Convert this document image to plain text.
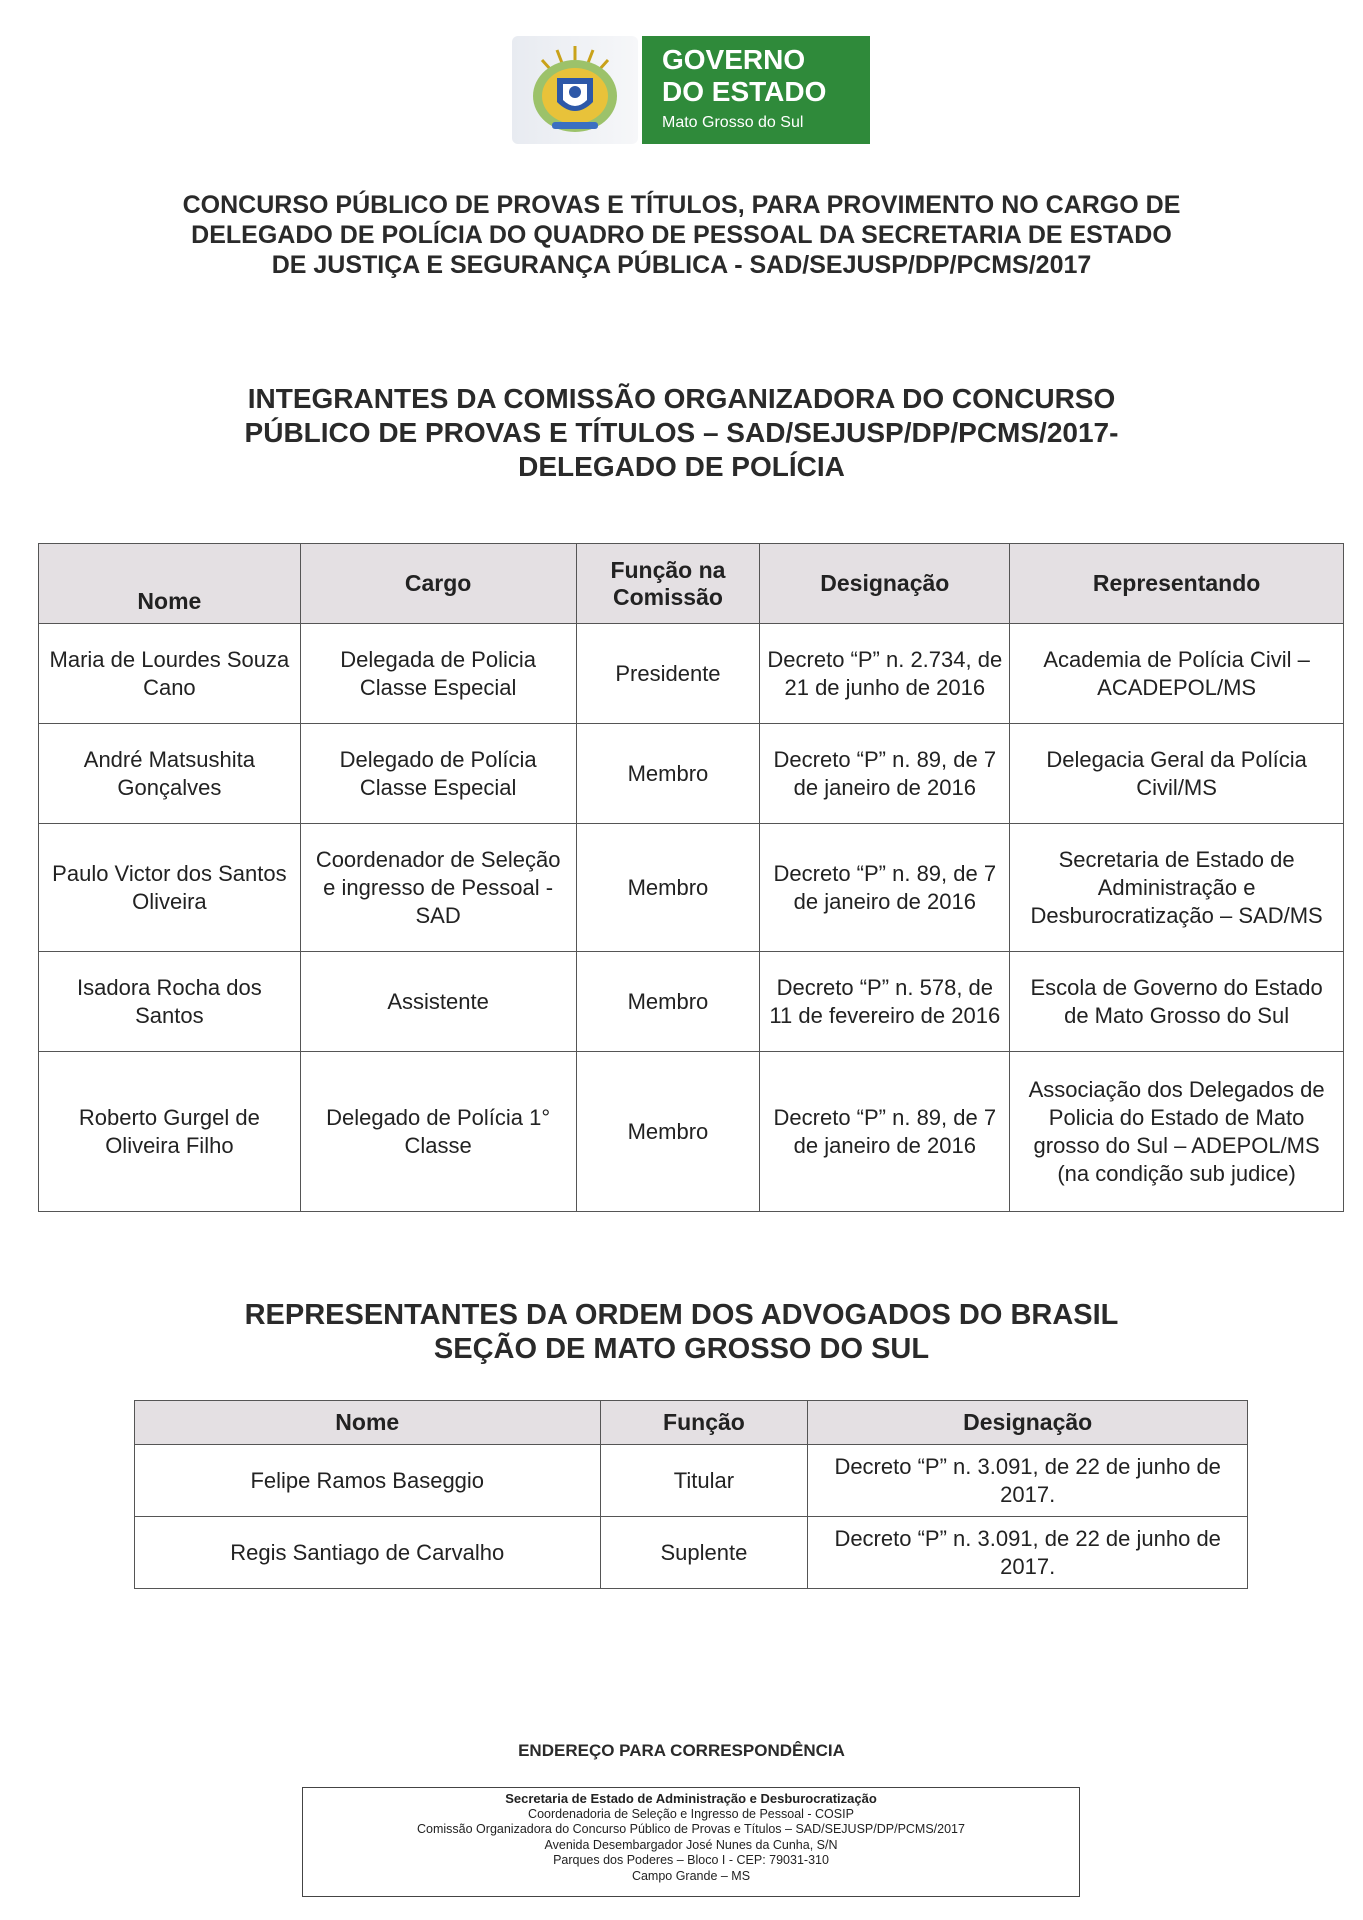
GOVERNO
DO ESTADO
Mato Grosso do Sul
CONCURSO PÚBLICO DE PROVAS E TÍTULOS, PARA PROVIMENTO NO CARGO DE
DELEGADO DE POLÍCIA DO QUADRO DE PESSOAL DA SECRETARIA DE ESTADO
DE JUSTIÇA E SEGURANÇA PÚBLICA - SAD/SEJUSP/DP/PCMS/2017
INTEGRANTES DA COMISSÃO ORGANIZADORA DO CONCURSO
PÚBLICO DE PROVAS E TÍTULOS – SAD/SEJUSP/DP/PCMS/2017-
DELEGADO DE POLÍCIA
Nome	Cargo	Função na Comissão	Designação	Representando
Maria de Lourdes Souza Cano	Delegada de Policia Classe Especial	Presidente	Decreto “P” n. 2.734, de 21 de junho de 2016	Academia de Polícia Civil – ACADEPOL/MS
André Matsushita Gonçalves	Delegado de Polícia Classe Especial	Membro	Decreto “P” n. 89, de 7 de janeiro de 2016	Delegacia Geral da Polícia Civil/MS
Paulo Victor dos Santos Oliveira	Coordenador de Seleção e ingresso de Pessoal - SAD	Membro	Decreto “P” n. 89, de 7 de janeiro de 2016	Secretaria de Estado de Administração e Desburocratização – SAD/MS
Isadora Rocha dos Santos	Assistente	Membro	Decreto “P” n. 578, de 11 de fevereiro de 2016	Escola de Governo do Estado de Mato Grosso do Sul
Roberto Gurgel de Oliveira Filho	Delegado de Polícia 1° Classe	Membro	Decreto “P” n. 89, de 7 de janeiro de 2016	Associação dos Delegados de Policia do Estado de Mato grosso do Sul – ADEPOL/MS (na condição sub judice)
REPRESENTANTES DA ORDEM DOS ADVOGADOS DO BRASIL
SEÇÃO DE MATO GROSSO DO SUL
Nome	Função	Designação
Felipe Ramos Baseggio	Titular	Decreto “P” n. 3.091, de 22 de junho de 2017.
Regis Santiago de Carvalho	Suplente	Decreto “P” n. 3.091, de 22 de junho de 2017.
ENDEREÇO PARA CORRESPONDÊNCIA
Secretaria de Estado de Administração e Desburocratização
Coordenadoria de Seleção e Ingresso de Pessoal - COSIP
Comissão Organizadora do Concurso Público de Provas e Títulos – SAD/SEJUSP/DP/PCMS/2017
Avenida Desembargador José Nunes da Cunha, S/N
Parques dos Poderes – Bloco I - CEP: 79031-310
Campo Grande – MS
